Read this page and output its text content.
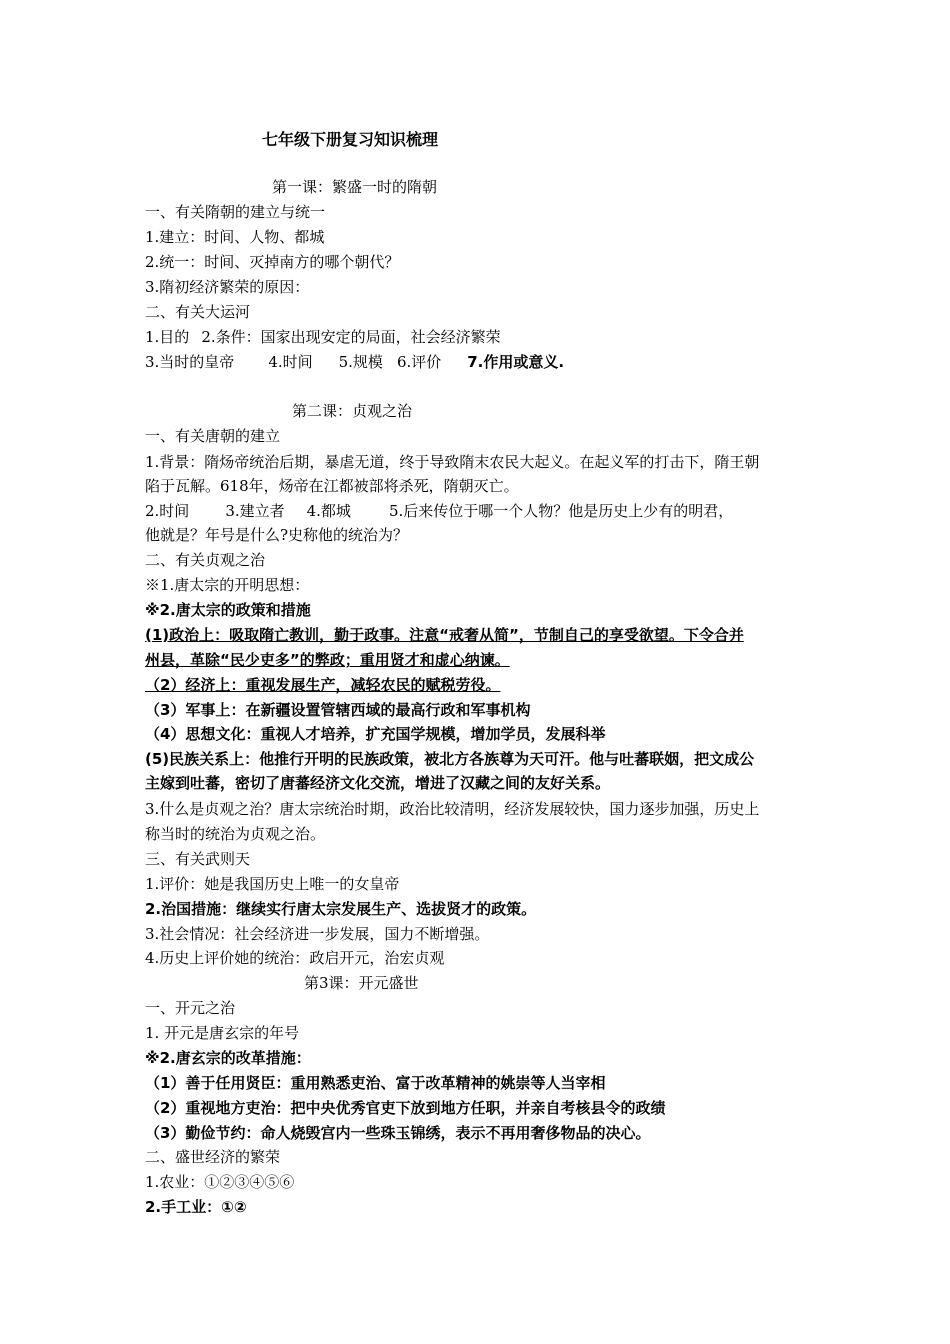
七年级下册复习知识梳理
第一课：繁盛一时的隋朝
一、有关隋朝的建立与统一
1.建立：时间、人物、都城
2.统一：时间、灭掉南方的哪个朝代？
3.隋初经济繁荣的原因：
二、有关大运河
1.目的 2.条件：国家出现安定的局面，社会经济繁荣
3.当时的皇帝 4.时间 5.规模 6.评价 7.作用或意义.
第二课：贞观之治
一、有关唐朝的建立
1.背景：隋炀帝统治后期，暴虐无道，终于导致隋末农民大起义。在起义军的打击下，隋王朝
陷于瓦解。618年，炀帝在江都被部将杀死，隋朝灭亡。
2.时间 3.建立者 4.都城	5.后来传位于哪一个人物？他是历史上少有的明君，
他就是？年号是什么?史称他的统治为？
二、有关贞观之治
※1.唐太宗的开明思想：
※2.唐太宗的政策和措施
(1)政治上：吸取隋亡教训，勤于政事。注意“戒奢从简”，节制自己的享受欲望。下令合并
州县，革除“民少吏多”的弊政；重用贤才和虚心纳谏。
（2）经济上：重视发展生产，减轻农民的赋税劳役。
（3）军事上：在新疆设置管辖西域的最高行政和军事机构
（4）思想文化：重视人才培养，扩充国学规模，增加学员，发展科举
(5)民族关系上：他推行开明的民族政策，被北方各族尊为天可汗。他与吐蕃联姻，把文成公
主嫁到吐蕃，密切了唐蕃经济文化交流，增进了汉藏之间的友好关系。
3.什么是贞观之治？唐太宗统治时期，政治比较清明，经济发展较快，国力逐步加强，历史上
称当时的统治为贞观之治。
三、有关武则天
1.评价：她是我国历史上唯一的女皇帝
2.治国措施：继续实行唐太宗发展生产、选拔贤才的政策。
3.社会情况：社会经济进一步发展，国力不断增强。
4.历史上评价她的统治：政启开元，治宏贞观
第3课：开元盛世
一、开元之治
1. 开元是唐玄宗的年号
※2.唐玄宗的改革措施：
（1）善于任用贤臣：重用熟悉吏治、富于改革精神的姚崇等人当宰相
（2）重视地方吏治：把中央优秀官吏下放到地方任职，并亲自考核县令的政绩
（3）勤俭节约：命人烧毁宫内一些珠玉锦绣，表示不再用奢侈物品的决心。
二、盛世经济的繁荣
1.农业：①②③④⑤⑥
2.手工业：①②
